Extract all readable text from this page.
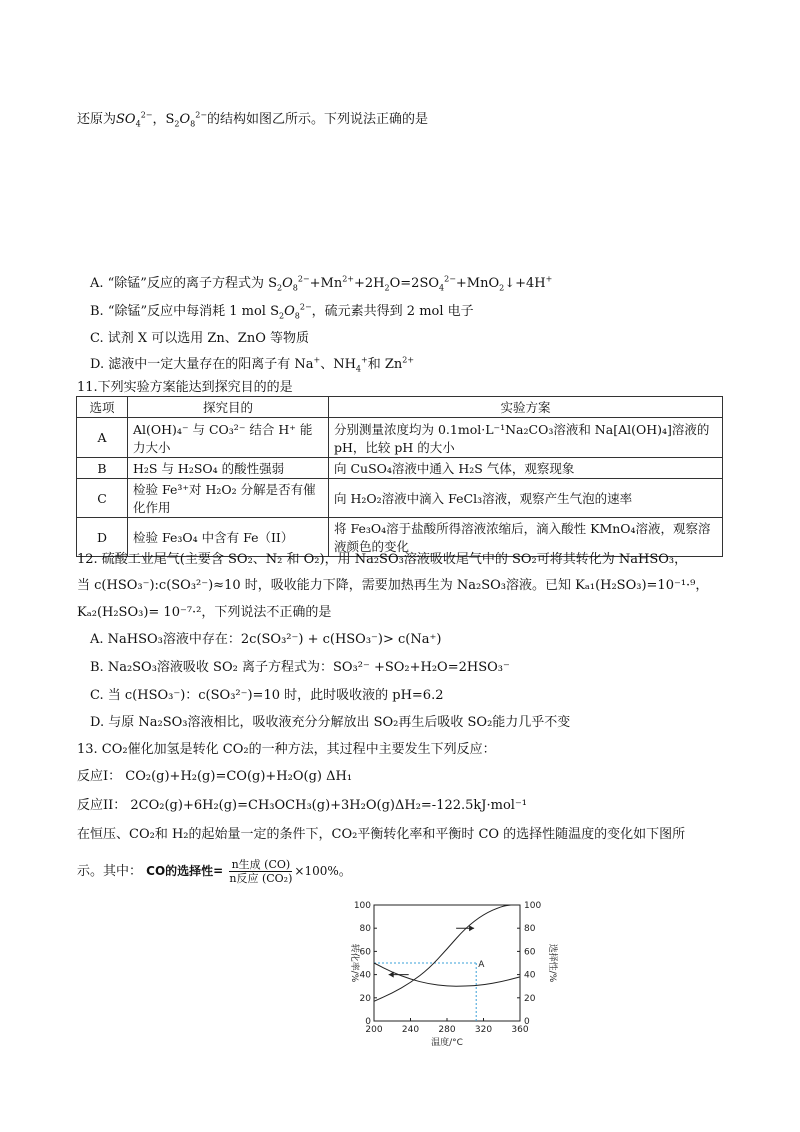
还原为$SO_4^{2-}$，$S_2O_8^{2-}$的结构如图乙所示。下列说法正确的是
A. “除锰”反应的离子方程式为 $S_2O_8^{2-}+Mn^{2+}+2H_2O=2SO_4^{2-}+MnO_2↓+4H^+$
B. “除锰”反应中每消耗 1 mol $S_2O_8^{2-}$，硫元素共得到 2 mol 电子
C. 试剂 X 可以选用 Zn、ZnO 等物质
D. 滤液中一定大量存在的阳离子有 Na+、$NH_4^+$和 $Zn^{2+}$
11.下列实验方案能达到探究目的的是
选项	探究目的	实验方案
A	Al(OH)₄⁻ 与 CO₃²⁻ 结合 H⁺ 能力大小	分别测量浓度均为 0.1mol·L⁻¹Na₂CO₃溶液和 Na[Al(OH)₄]溶液的 pH，比较 pH 的大小
B	H₂S 与 H₂SO₄ 的酸性强弱	向 CuSO₄溶液中通入 H₂S 气体，观察现象
C	检验 Fe³⁺对 H₂O₂ 分解是否有催化作用	向 H₂O₂溶液中滴入 FeCl₃溶液，观察产生气泡的速率
D	检验 Fe₃O₄ 中含有 Fe（II）	将 Fe₃O₄溶于盐酸所得溶液浓缩后，滴入酸性 KMnO₄溶液，观察溶液颜色的变化
12. 硫酸工业尾气(主要含 SO₂、N₂ 和 O₂)，用 Na₂SO₃溶液吸收尾气中的 SO₂可将其转化为 NaHSO₃，
当 c(HSO₃⁻):c(SO₃²⁻)≈10 时，吸收能力下降，需要加热再生为 Na₂SO₃溶液。已知 Kₐ₁(H₂SO₃)=10⁻¹·⁹，
Kₐ₂(H₂SO₃)= 10⁻⁷·²，下列说法不正确的是
A. NaHSO₃溶液中存在：2c(SO₃²⁻) + c(HSO₃⁻)> c(Na⁺)
B. Na₂SO₃溶液吸收 SO₂ 离子方程式为：SO₃²⁻ +SO₂+H₂O=2HSO₃⁻
C. 当 c(HSO₃⁻)：c(SO₃²⁻)=10 时，此时吸收液的 pH=6.2
D. 与原 Na₂SO₃溶液相比，吸收液充分分解放出 SO₂再生后吸收 SO₂能力几乎不变
13. CO₂催化加氢是转化 CO₂的一种方法，其过程中主要发生下列反应：
反应I： CO₂(g)+H₂(g)=CO(g)+H₂O(g) ΔH₁
反应II： 2CO₂(g)+6H₂(g)=CH₃OCH₃(g)+3H₂O(g)ΔH₂=-122.5kJ·mol⁻¹
在恒压、CO₂和 H₂的起始量一定的条件下，CO₂平衡转化率和平衡时 CO 的选择性随温度的变化如下图所
示。其中： CO的选择性= $\frac{\text{n生成 (CO)}}{\text{n反应 (CO₂)}} \times 100\%$。
200 240 280 320 360
0	0
20	20
40	40
60	60
80	80
100	100
温度/°C
转化率/%	选择性/%
A
